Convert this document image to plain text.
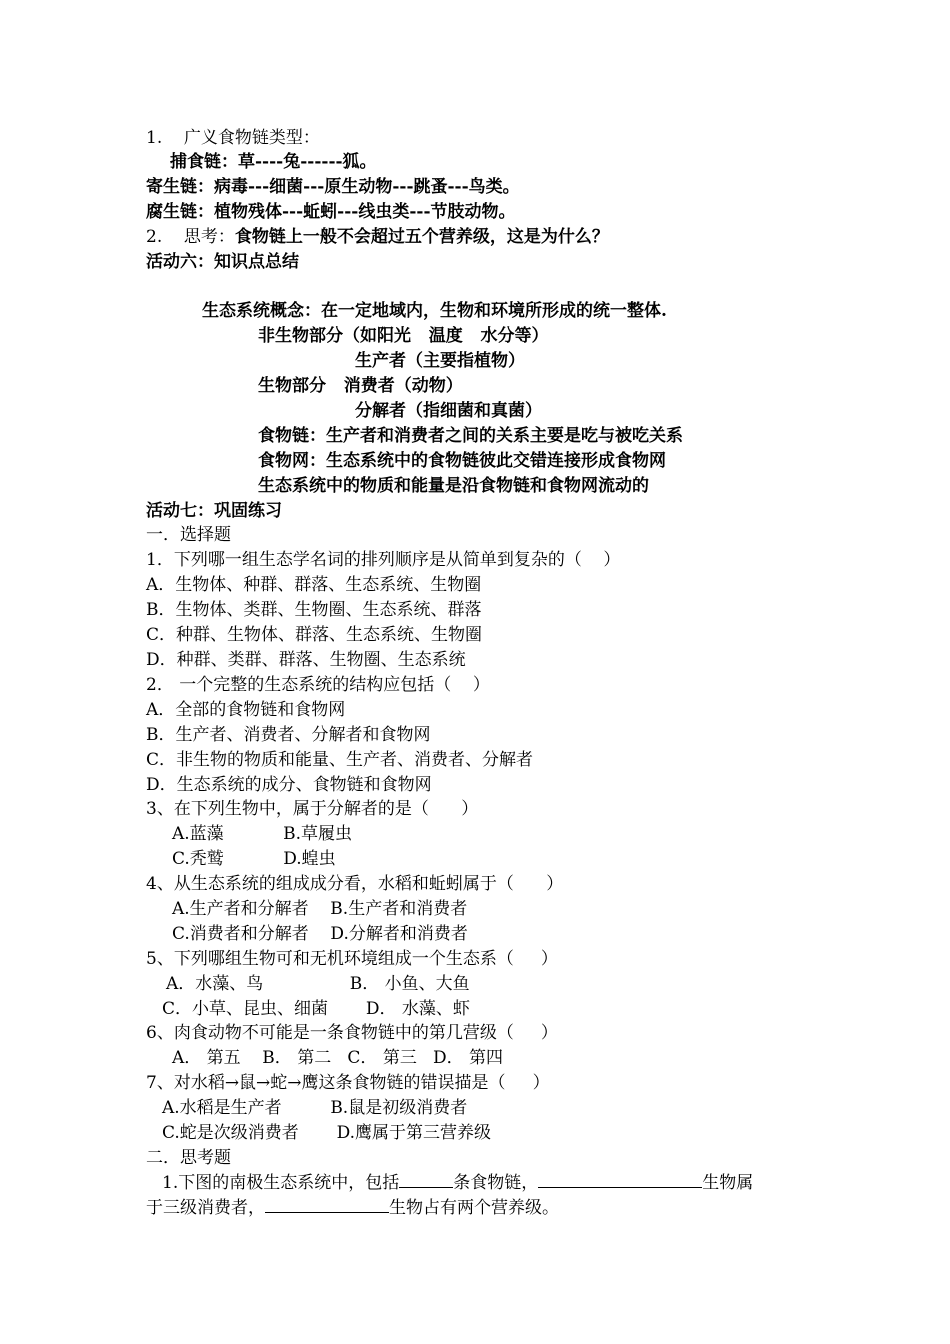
1.    广义食物链类型：
捕食链：草----兔------狐。
寄生链：病毒---细菌---原生动物---跳蚤---鸟类。
腐生链：植物残体---蚯蚓---线虫类---节肢动物。
2.    思考：食物链上一般不会超过五个营养级，这是为什么？
活动六：知识点总结
生态系统概念：在一定地域内，生物和环境所形成的统一整体.
非生物部分（如阳光   温度   水分等）
生产者（主要指植物）
生物部分   消费者（动物）
分解者（指细菌和真菌）
食物链：生产者和消费者之间的关系主要是吃与被吃关系
食物网：生态系统中的食物链彼此交错连接形成食物网
生态系统中的物质和能量是沿食物链和食物网流动的
活动七：巩固练习
一．选择题
1．下列哪一组生态学名词的排列顺序是从简单到复杂的（    ）
A．生物体、种群、群落、生态系统、生物圈
B．生物体、类群、生物圈、生态系统、群落
C．种群、生物体、群落、生态系统、生物圈
D．种群、类群、群落、生物圈、生态系统
2． 一个完整的生态系统的结构应包括（    ）
A．全部的食物链和食物网
B．生产者、消费者、分解者和食物网
C．非生物的物质和能量、生产者、消费者、分解者
D．生态系统的成分、食物链和食物网
3、在下列生物中，属于分解者的是（      ）
A.蓝藻           B.草履虫
C.秃鹫           D.蝗虫
4、从生态系统的组成成分看，水稻和蚯蚓属于（      ）
A.生产者和分解者    B.生产者和消费者
C.消费者和分解者    D.分解者和消费者
5、下列哪组生物可和无机环境组成一个生态系（     ）
A．水藻、鸟                B． 小鱼、大鱼
C．小草、昆虫、细菌       D． 水藻、虾
6、肉食动物不可能是一条食物链中的第几营级（     ）
A． 第五    B． 第二   C． 第三   D． 第四
7、对水稻→鼠→蛇→鹰这条食物链的错误描是（     ）
A.水稻是生产者         B.鼠是初级消费者
C.蛇是次级消费者       D.鹰属于第三营养级
二．思考题
1.下图的南极生态系统中，包括	条食物链，	生物属
于三级消费者，	生物占有两个营养级。
